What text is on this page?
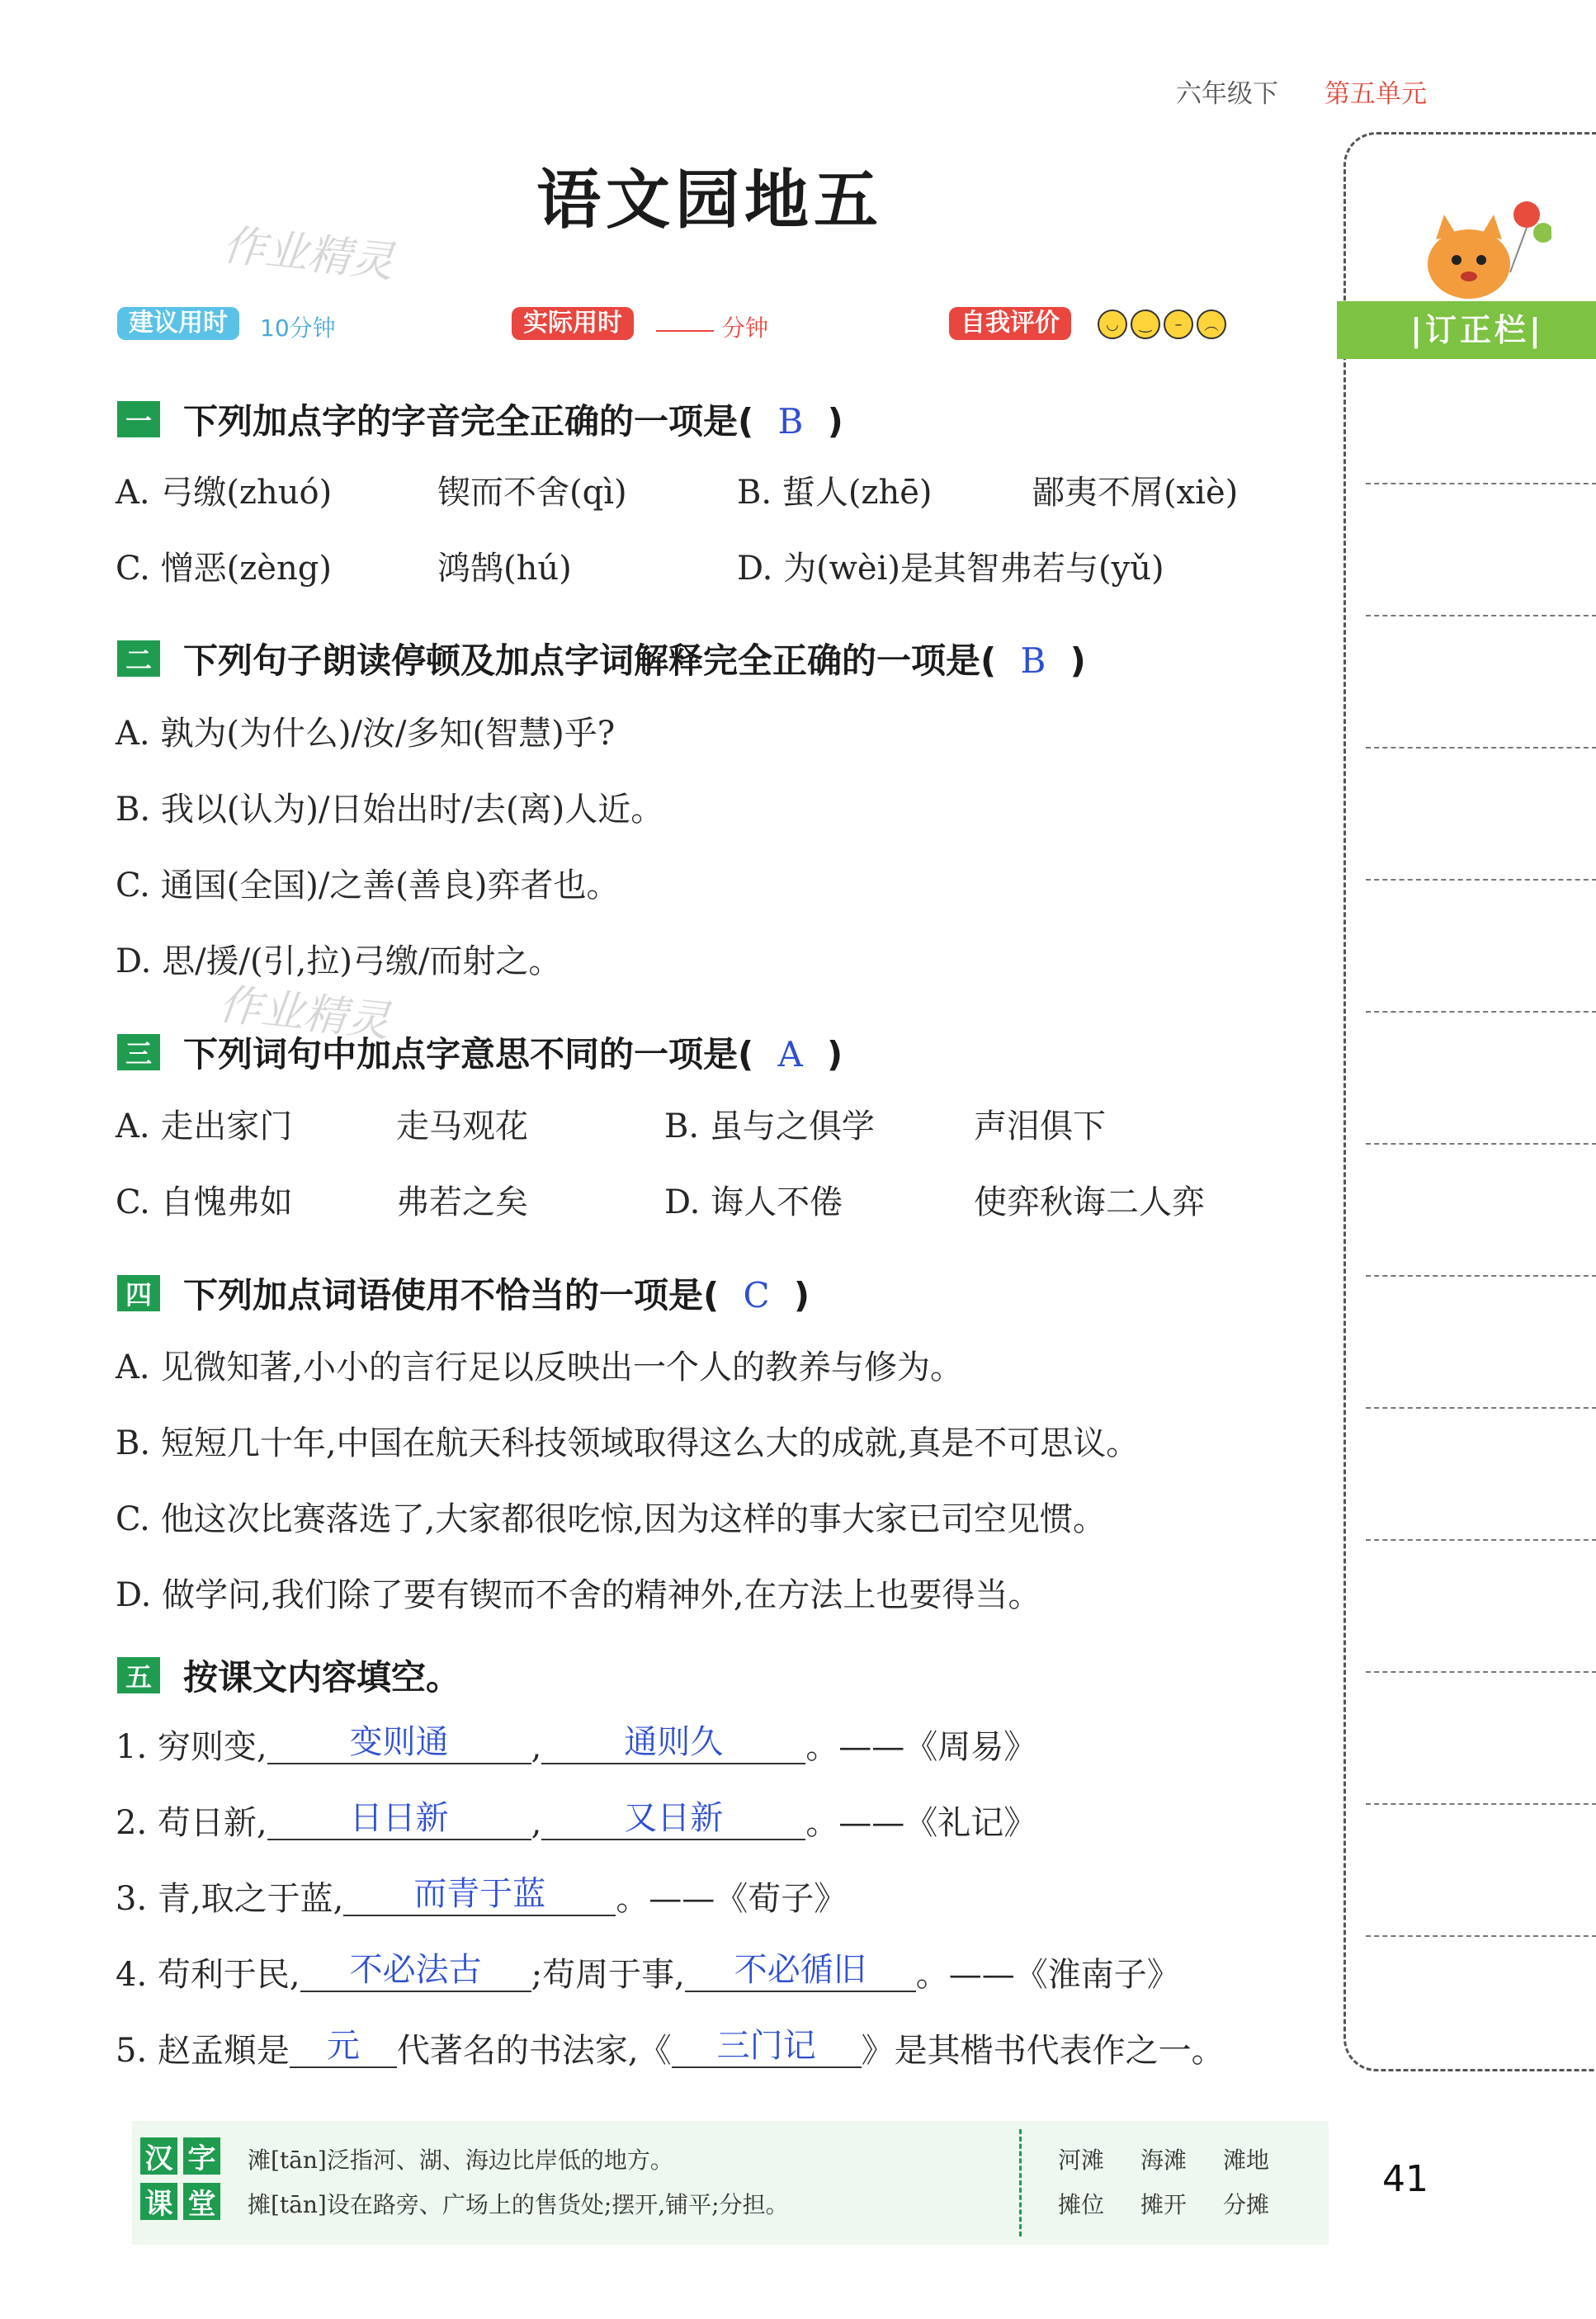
六年级下 第五单元
语文园地五
作业精灵
作业精灵
建议用时	10分钟	实际用时	分钟	自我评价	◡	‿	–	︵	|订正栏|
一 下列加点字的字音完全正确的一项是( B )
A. 弓缴(zhuó)	锲而不舍(qì)	B. 蜇人(zhē)	鄙夷不屑(xiè)
C. 憎恶(zèng)	鸿鹄(hú)	D. 为(wèi)是其智弗若与(yǔ)
二 下列句子朗读停顿及加点字词解释完全正确的一项是( B )
A. 孰为(为什么)/汝/多知(智慧)乎?
B. 我以(认为)/日始出时/去(离)人近。
C. 通国(全国)/之善(善良)弈者也。
D. 思/援/(引,拉)弓缴/而射之。
三 下列词句中加点字意思不同的一项是( A )
A. 走出家门	走马观花	B. 虽与之俱学	声泪俱下
C. 自愧弗如	弗若之矣	D. 诲人不倦	使弈秋诲二人弈
四 下列加点词语使用不恰当的一项是( C )
A. 见微知著,小小的言行足以反映出一个人的教养与修为。
B. 短短几十年,中国在航天科技领域取得这么大的成就,真是不可思议。
C. 他这次比赛落选了,大家都很吃惊,因为这样的事大家已司空见惯。
D. 做学问,我们除了要有锲而不舍的精神外,在方法上也要得当。
五 按课文内容填空。
1. 穷则变,	变则通	,	通则久	。——《周易》
2. 苟日新,	日日新	,	又日新	。——《礼记》
3. 青,取之于蓝, 而青于蓝 。——《荀子》
4. 苟利于民, 不必法古 ;苟周于事, 不必循旧 。——《淮南子》
5. 赵孟頫是 元 代著名的书法家,《 三门记 》是其楷书代表作之一。
汉 字
课 堂
滩[tān]泛指河、湖、海边比岸低的地方。
摊[tān]设在路旁、广场上的售货处;摆开,铺平;分担。
河滩 海滩 滩地
摊位 摊开 分摊
41
